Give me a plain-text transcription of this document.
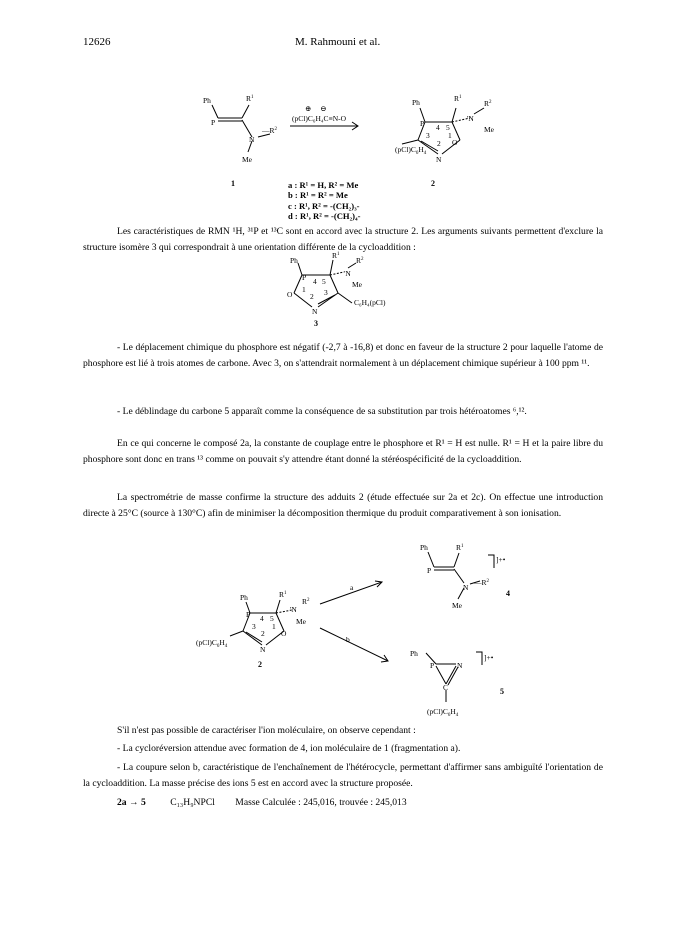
12626	M. Rahmouni et al.
Ph	$R^1$
P
N
$—R^2$
Me
1
⊕ ⊖
(pCl)C₆H₄C≡N-O
Ph	$R^1$
P
'N
$R^2$
Me
O
N
$(pCl)C_6H_4$
4 5
3
2
1
2
a : R¹ = H, R² = Me
b : R¹ = R² = Me
c : R¹, R² = -(CH₂)₃-
d : R¹, R² = -(CH₂)₄-

Les caractéristiques de RMN ¹H, ³¹P et ¹³C sont en accord avec la structure 2. Les arguments suivants permettent d'exclure la structure isomère 3 qui correspondrait à une orientation différente de la cycloaddition :

Ph
$R^1$
P	'N
$R^2$
Me
O
N
C₆H₄(pCl)
4 5
1
2 3
3

- Le déplacement chimique du phosphore est négatif (-2,7 à -16,8) et donc en faveur de la structure 2 pour laquelle l'atome de phosphore est lié à trois atomes de carbone. Avec 3, on s'attendrait normalement à un déplacement chimique supérieur à 100 ppm ¹¹.

- Le déblindage du carbone 5 apparaît comme la conséquence de sa substitution par trois hétéroatomes ⁶,¹².

En ce qui concerne le composé 2a, la constante de couplage entre le phosphore et R¹ = H est nulle. R¹ = H et la paire libre du phosphore sont donc en trans ¹³ comme on pouvait s'y attendre étant donné la stéréospécificité de la cycloaddition.

La spectrométrie de masse confirme la structure des adduits 2 (étude effectuée sur 2a et 2c). On effectue une introduction directe à 25°C (source à 130°C) afin de minimiser la décomposition thermique du produit comparativement à son ionisation.

Ph	$R^1$
P
'N
$R^2$
Me
O
N
$(pCl)C_6H_4$
4 5
3
2
1
2
a
b
Ph	$R^1$
P
N
$—R^2$
Me
]+•
4
Ph
P	N
C
$(pCl)C_6H_4$
]+•
5

S'il n'est pas possible de caractériser l'ion moléculaire, on observe cependant :

- La cycloréversion attendue avec formation de 4, ion moléculaire de 1 (fragmentation a).

- La coupure selon b, caractéristique de l'enchaînement de l'hétérocycle, permettant d'affirmer sans ambiguïté l'orientation de la cycloaddition. La masse précise des ions 5 est en accord avec la structure proposée.

2a → 5	C₁₃H₉NPCl Masse Calculée : 245,016, trouvée : 245,013
